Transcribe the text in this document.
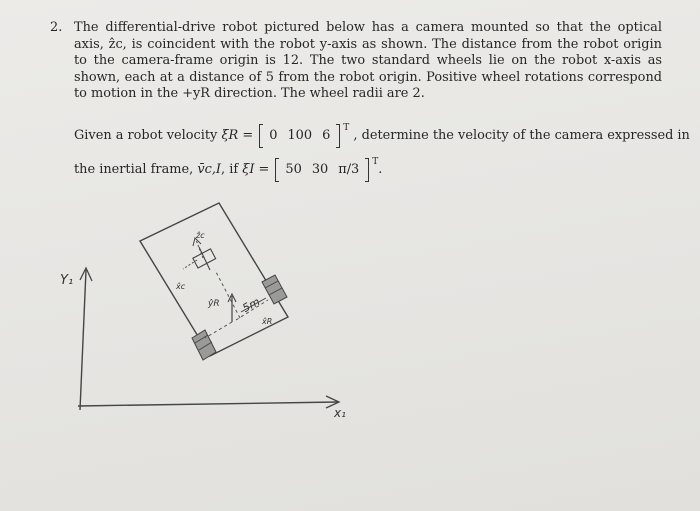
2. The differential-drive robot pictured below has a camera mounted so that the optical axis, ẑc, is coincident with the robot y-axis as shown. The distance from the robot origin to the camera-frame origin is 12. The two standard wheels lie on the robot x-axis as shown, each at a distance of 5 from the robot origin. Positive wheel rotations correspond to motion in the +yR direction. The wheel radii are 2.
Given a robot velocity ξ̇R = 0 100 6 $^T$ , determine the velocity of the camera expressed in
the inertial frame, v̄c,I, if ξI = 50 30 π/3 $^T$.
Y₁
x₁
ẑc
x̂c
ŷR
x̂R
5m
